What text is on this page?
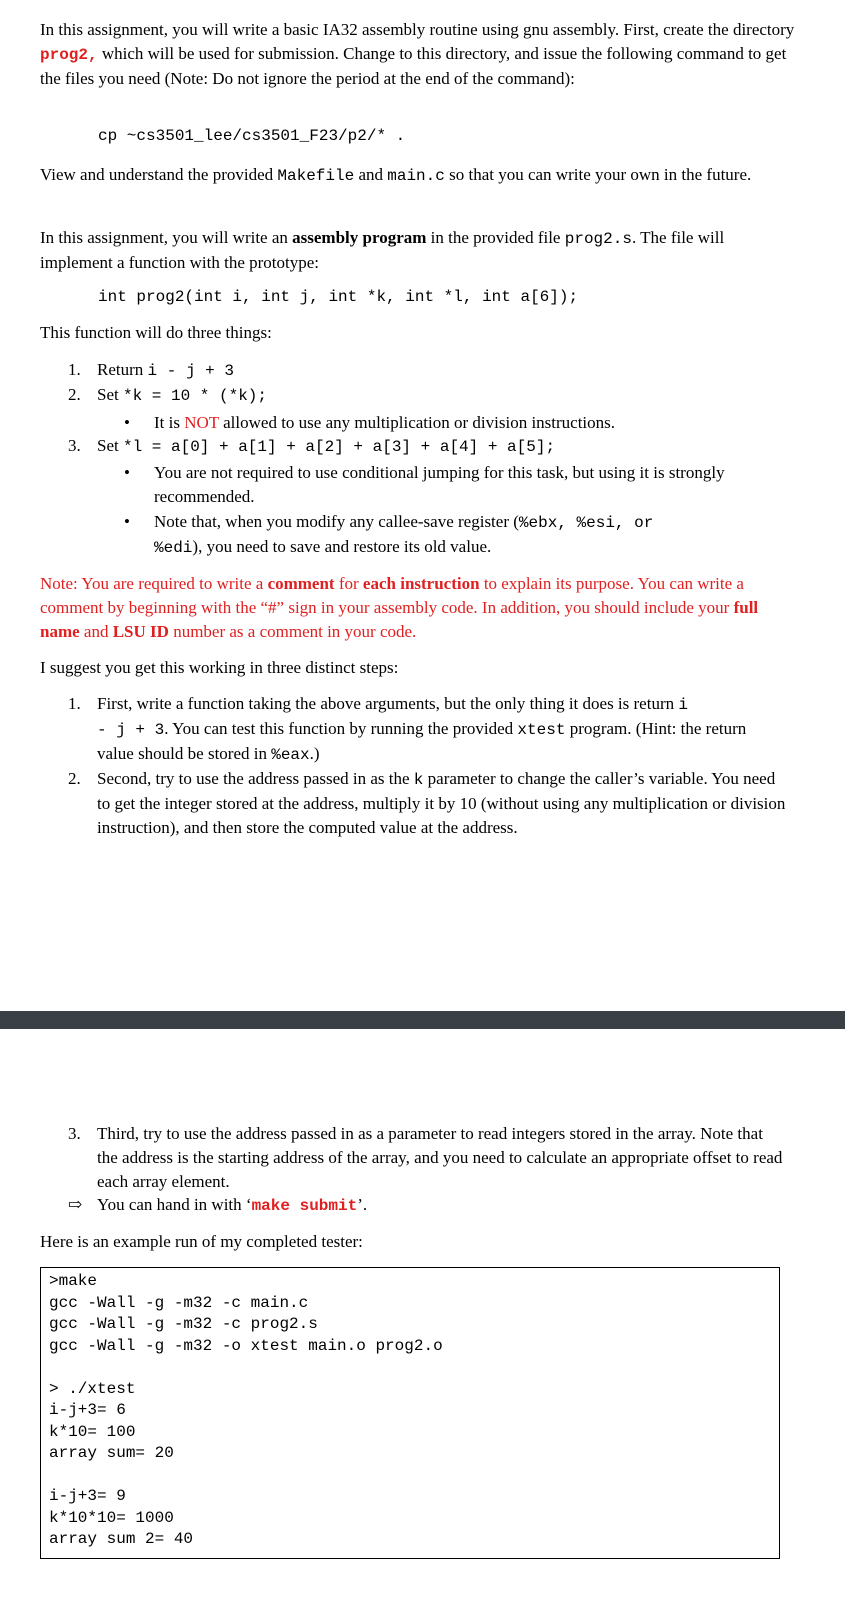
In this assignment, you will write a basic IA32 assembly routine using gnu assembly. First, create the directory prog2, which will be used for submission. Change to this directory, and issue the following command to get the files you need (Note: Do not ignore the period at the end of the command):
cp ~cs3501_lee/cs3501_F23/p2/* .
View and understand the provided Makefile and main.c so that you can write your own in the future.
In this assignment, you will write an assembly program in the provided file prog2.s. The file will implement a function with the prototype:
int prog2(int i, int j, int *k, int *l, int a[6]);
This function will do three things:
1. Return i - j + 3
2. Set *k = 10 * (*k);
• It is NOT allowed to use any multiplication or division instructions.
3. Set *l = a[0] + a[1] + a[2] + a[3] + a[4] + a[5];
• You are not required to use conditional jumping for this task, but using it is strongly recommended.
• Note that, when you modify any callee-save register (%ebx, %esi, or
%edi), you need to save and restore its old value.
Note: You are required to write a comment for each instruction to explain its purpose. You can write a comment by beginning with the “#” sign in your assembly code. In addition, you should include your full name and LSU ID number as a comment in your code.
I suggest you get this working in three distinct steps:
1. First, write a function taking the above arguments, but the only thing it does is return i
- j + 3. You can test this function by running the provided xtest program. (Hint: the return value should be stored in %eax.)
2. Second, try to use the address passed in as the k parameter to change the caller’s variable. You need to get the integer stored at the address, multiply it by 10 (without using any multiplication or division instruction), and then store the computed value at the address.
3. Third, try to use the address passed in as a parameter to read integers stored in the array. Note that the address is the starting address of the array, and you need to calculate an appropriate offset to read each array element.
⇨ You can hand in with ‘make submit’.
Here is an example run of my completed tester:
>make
gcc -Wall -g -m32 -c main.c
gcc -Wall -g -m32 -c prog2.s
gcc -Wall -g -m32 -o xtest main.o prog2.o
> ./xtest
i-j+3= 6
k*10= 100
array sum= 20
i-j+3= 9
k*10*10= 1000
array sum 2= 40
